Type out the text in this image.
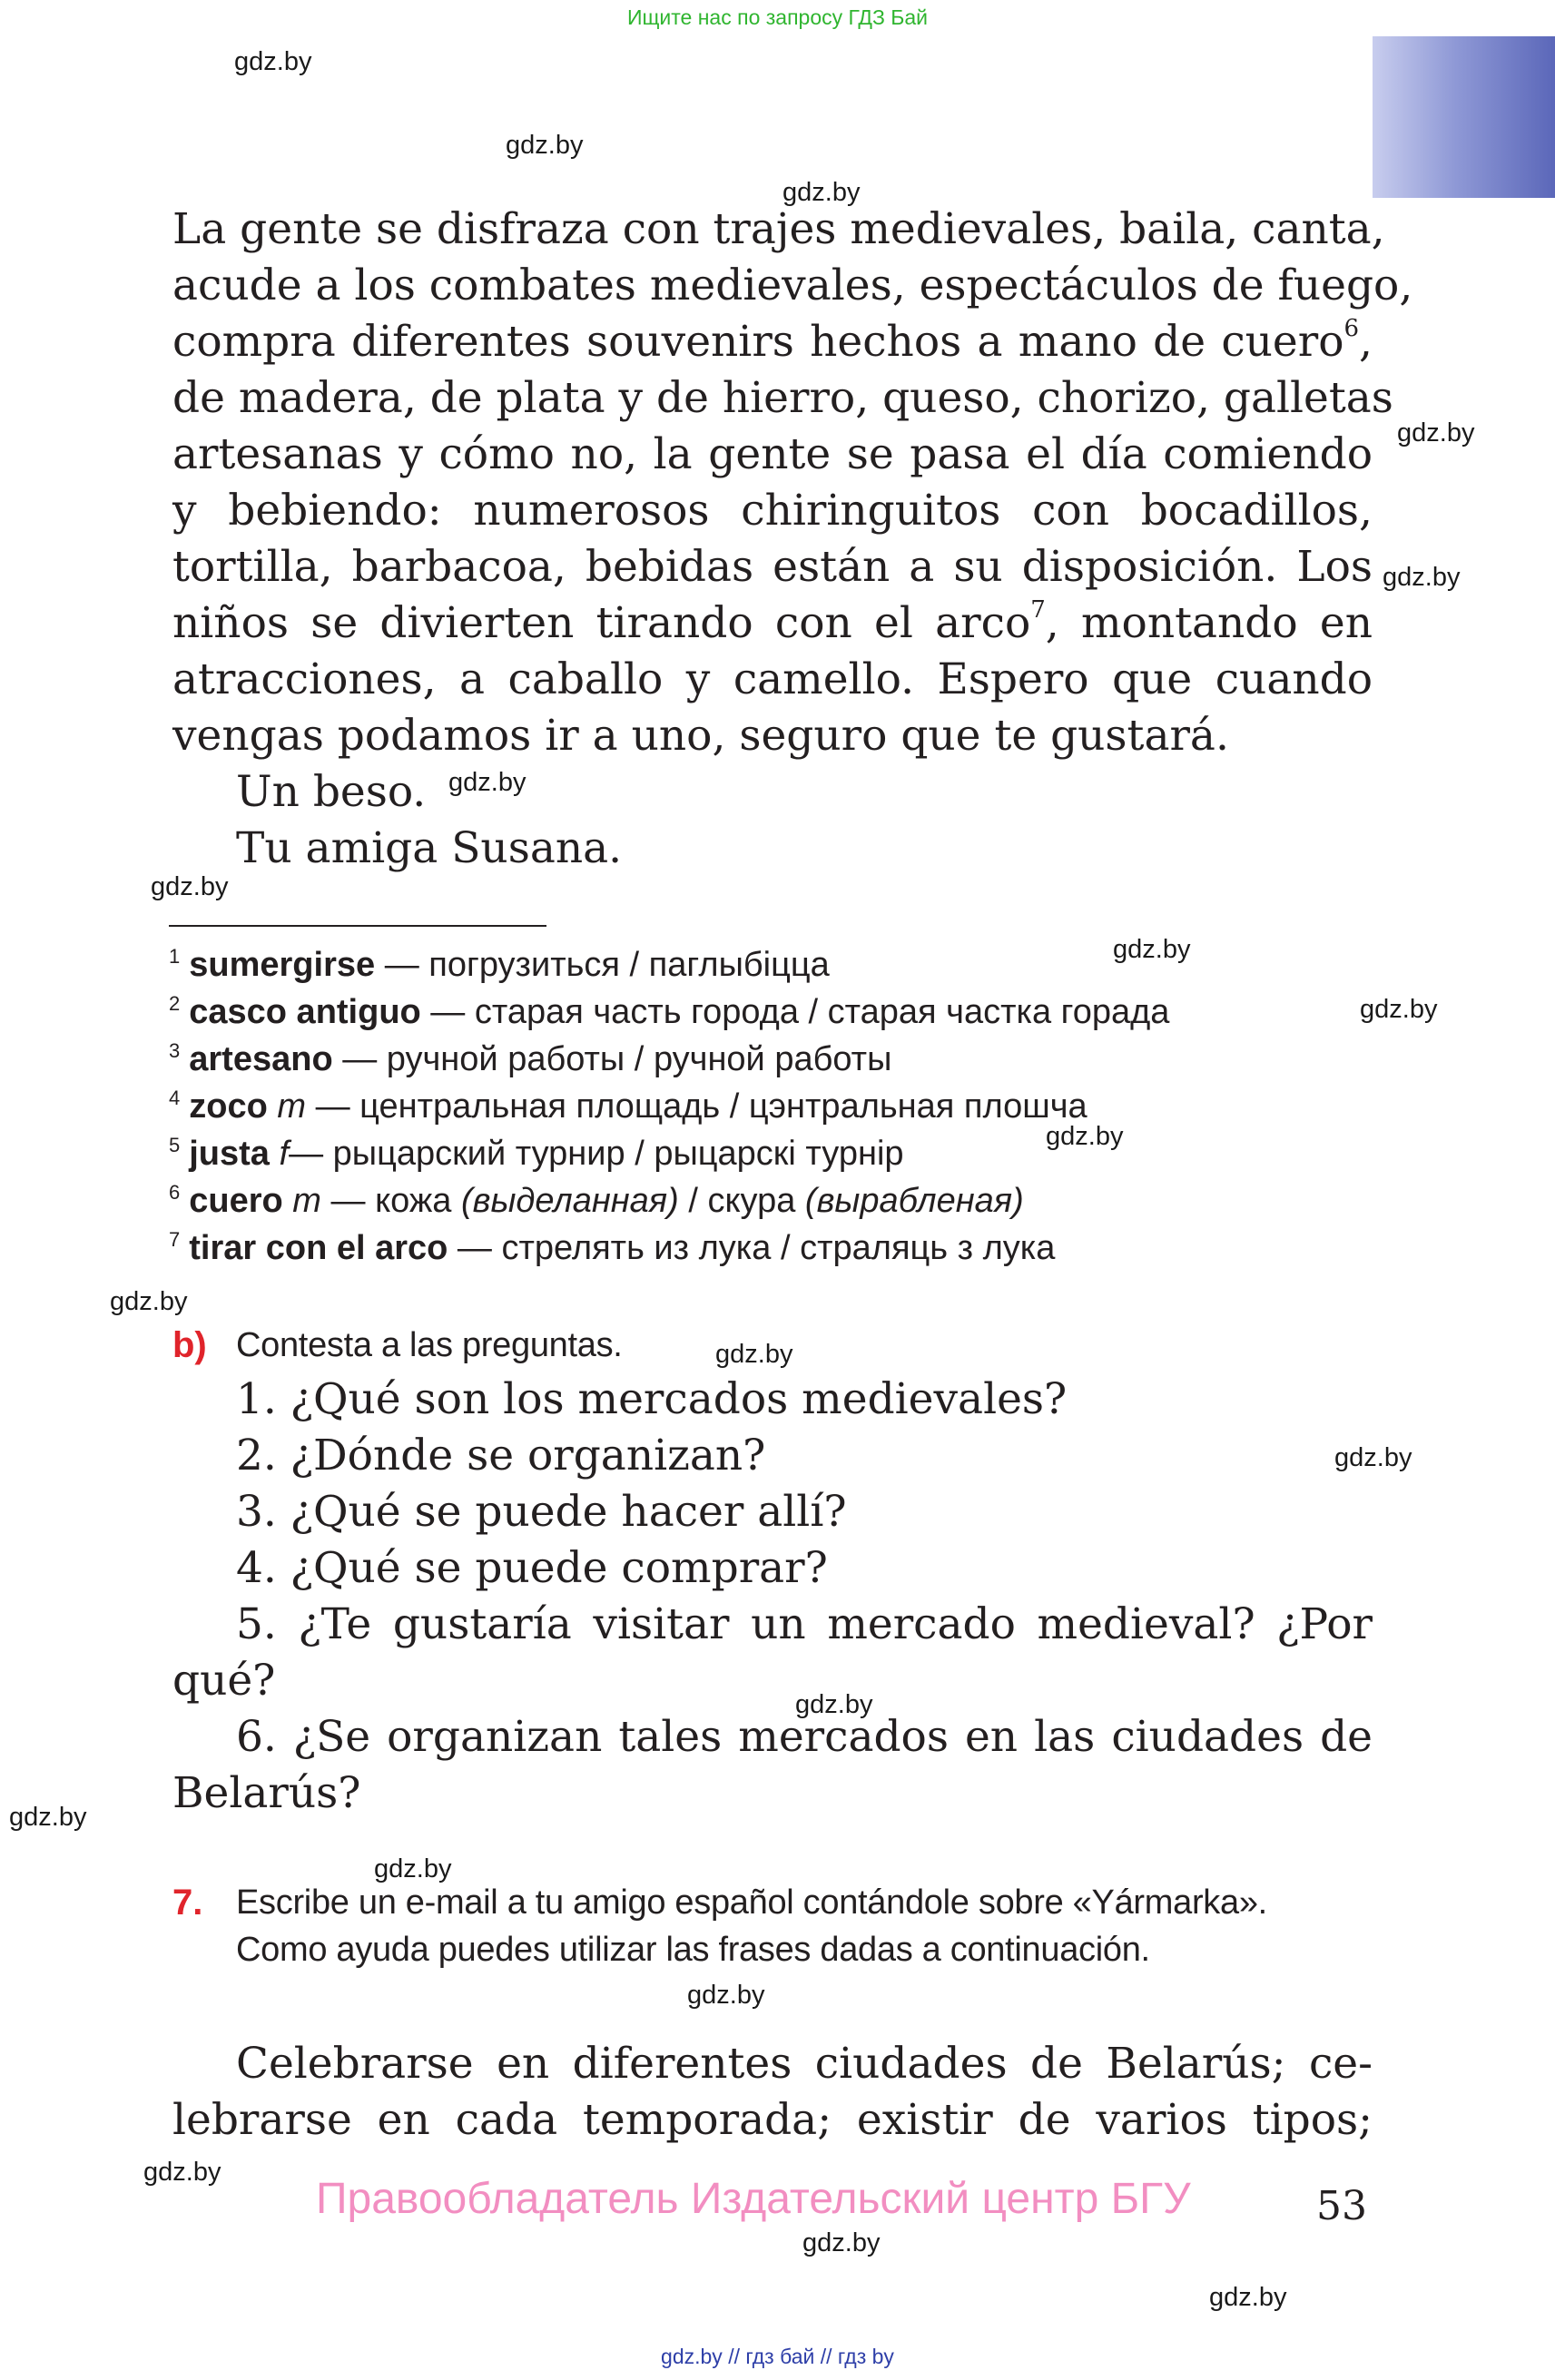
Ищите нас по запросу ГДЗ Бай
gdz.by
gdz.by
gdz.by
gdz.by
gdz.by
gdz.by
gdz.by
gdz.by
gdz.by
gdz.by
gdz.by
gdz.by
gdz.by
gdz.by
gdz.by
gdz.by
gdz.by
gdz.by
gdz.by
gdz.by
La gente se disfraza con trajes medievales, baila, canta,
acude a los combates medievales, espectáculos de fuego,
compra diferentes souvenirs hechos a mano de cuero$^6$,
de madera, de plata y de hierro, queso, chorizo, galletas
artesanas y cómo no, la gente se pasa el día comiendo
y bebiendo: numerosos chiringuitos con bocadillos,
tortilla, barbacoa, bebidas están a su disposición. Los
niños se divierten tirando con el arco$^7$, montando en
atracciones, a caballo y camello. Espero que cuando
vengas podamos ir a uno, seguro que te gustará.
Un beso.
Tu amiga Susana.
$^1$ sumergirse — погрузиться / паглыбіцца
$^2$ casco antiguo — старая часть города / старая частка горада
$^3$ artesano — ручной работы / ручной работы
$^4$ zoco m — центральная площадь / цэнтральная плошча
$^5$ justa f— рыцарский турнир / рыцарскі турнір
$^6$ cuero m — кожа (выделанная) / скура (вырабленая)
$^7$ tirar con el arco — стрелять из лука / страляць з лука
b) Contesta a las preguntas.
1. ¿Qué son los mercados medievales?
2. ¿Dónde se organizan?
3. ¿Qué se puede hacer allí?
4. ¿Qué se puede comprar?
5. ¿Te gustaría visitar un mercado medieval? ¿Por
qué?
6. ¿Se organizan tales mercados en las ciudades de
Belarús?
7. Escribe un e-mail a tu amigo español contándole sobre «Yármarka».
Como ayuda puedes utilizar las frases dadas a continuación.
Celebrarse en diferentes ciudades de Belarús; ce-
lebrarse en cada temporada; existir de varios tipos;
Правообладатель Издательский центр БГУ	53
gdz.by // гдз бай // гдз by
